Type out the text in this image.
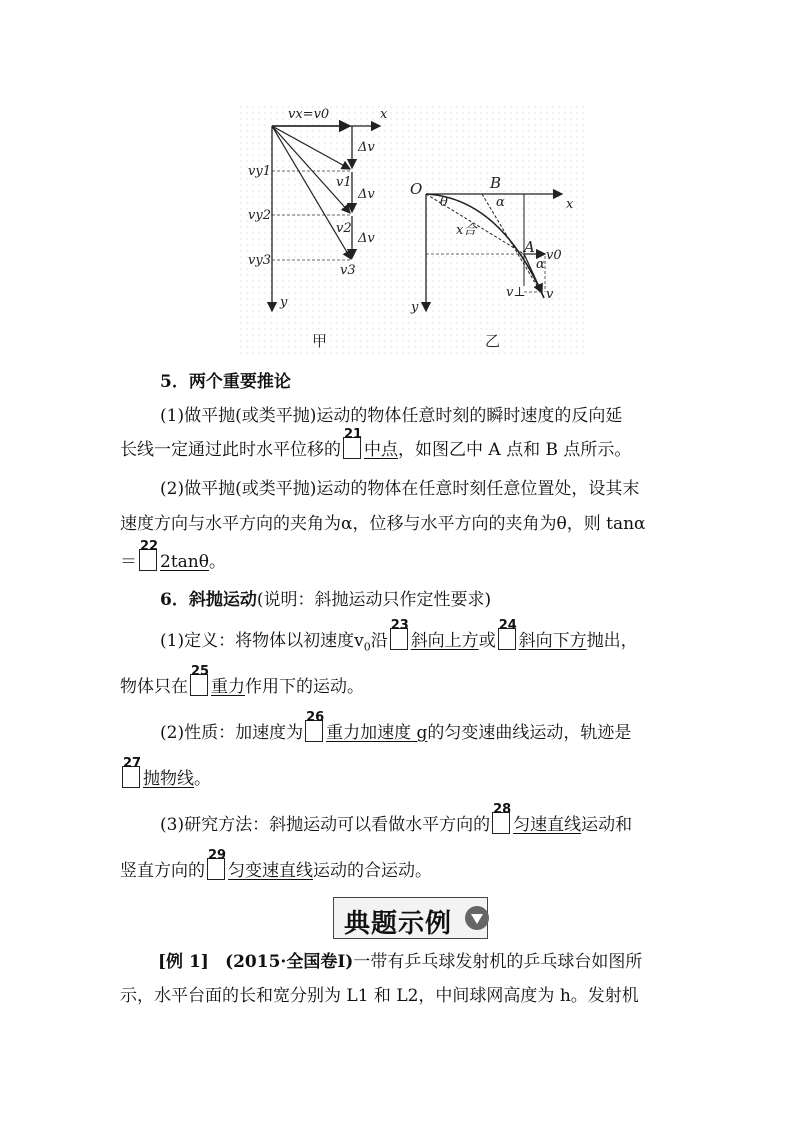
vx=v0	x
y
Δv
Δv
Δv
vy1
vy2
vy3
v1
v2
v3
甲
O
x
y
B
A
θ	α
α
x合
v0
v⊥ v
乙
5．两个重要推论
(1)做平抛(或类平抛)运动的物体任意时刻的瞬时速度的反向延
长线一定通过此时水平位移的
21
中点，如图乙中 A 点和 B 点所示。
(2)做平抛(或类平抛)运动的物体在任意时刻任意位置处，设其末
速度方向与水平方向的夹角为α，位移与水平方向的夹角为θ，则 tanα
＝
22
2tanθ。
6．斜抛运动(说明：斜抛运动只作定性要求)
(1)定义：将物体以初速度$v_0$沿
23
斜向上方或
24
斜向下方抛出，
物体只在
25
重力作用下的运动。
(2)性质：加速度为
26
重力加速度 g的匀变速曲线运动，轨迹是
27
抛物线。
(3)研究方法：斜抛运动可以看做水平方向的
28
匀速直线运动和
竖直方向的
29
匀变速直线运动的合运动。
典题示例
[例 1] (2015·全国卷Ⅰ)一带有乒乓球发射机的乒乓球台如图所
示，水平台面的长和宽分别为 L1 和 L2，中间球网高度为 h。发射机
